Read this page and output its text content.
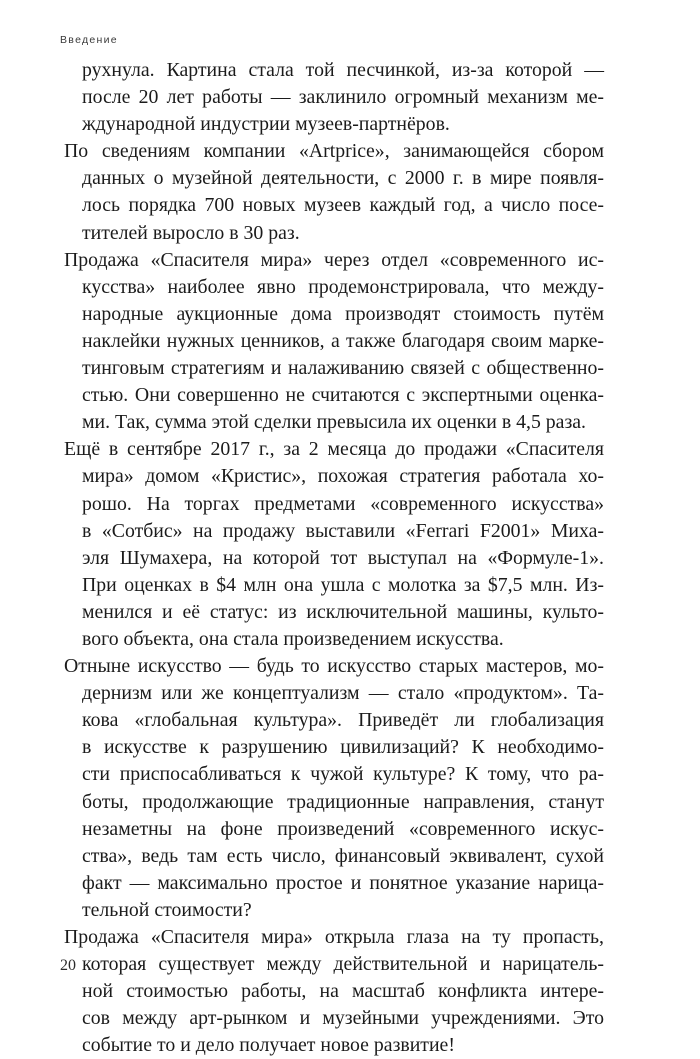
Введение
рухнула. Картина стала той песчинкой, из-за которой —
после 20 лет работы — заклинило огромный механизм ме-
ждународной индустрии музеев-партнёров.
По сведениям компании «Artprice», занимающейся сбором
данных о музейной деятельности, с 2000 г. в мире появля-
лось порядка 700 новых музеев каждый год, а число посе-
тителей выросло в 30 раз.
Продажа «Спасителя мира» через отдел «современного ис-
кусства» наиболее явно продемонстрировала, что между-
народные аукционные дома производят стоимость путём
наклейки нужных ценников, а также благодаря своим марке-
тинговым стратегиям и налаживанию связей с общественно-
стью. Они совершенно не считаются с экспертными оценка-
ми. Так, сумма этой сделки превысила их оценки в 4,5 раза.
Ещё в сентябре 2017 г., за 2 месяца до продажи «Спасителя
мира» домом «Кристис», похожая стратегия работала хо-
рошо. На торгах предметами «современного искусства»
в «Сотбис» на продажу выставили «Ferrari F2001» Миха-
эля Шумахера, на которой тот выступал на «Формуле-1».
При оценках в $4 млн она ушла с молотка за $7,5 млн. Из-
менился и её статус: из исключительной машины, культо-
вого объекта, она стала произведением искусства.
Отныне искусство — будь то искусство старых мастеров, мо-
дернизм или же концептуализм — стало «продуктом». Та-
кова «глобальная культура». Приведёт ли глобализация
в искусстве к разрушению цивилизаций? К необходимо-
сти приспосабливаться к чужой культуре? К тому, что ра-
боты, продолжающие традиционные направления, станут
незаметны на фоне произведений «современного искус-
ства», ведь там есть число, финансовый эквивалент, сухой
факт — максимально простое и понятное указание нарица-
тельной стоимости?
Продажа «Спасителя мира» открыла глаза на ту пропасть,
которая существует между действительной и нарицатель-
ной стоимостью работы, на масштаб конфликта интере-
сов между арт-рынком и музейными учреждениями. Это
событие то и дело получает новое развитие!
20
